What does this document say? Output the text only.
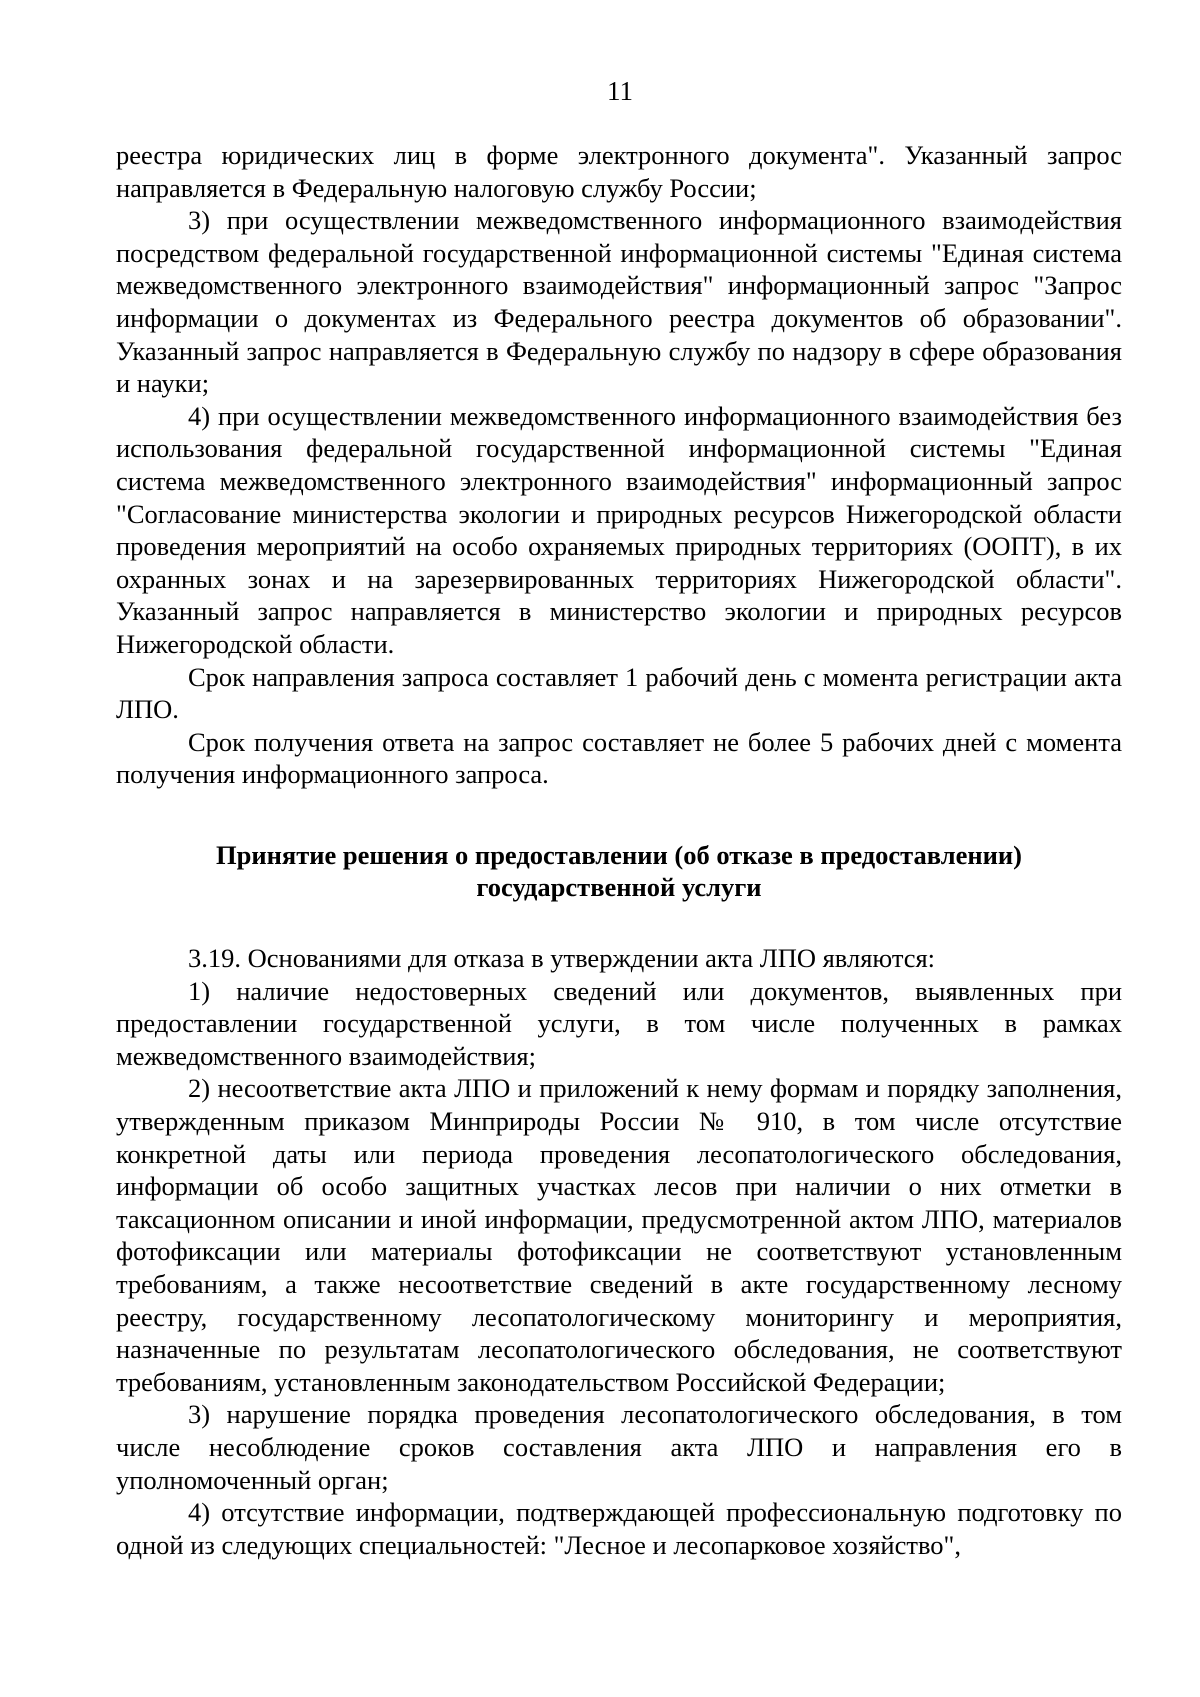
11

реестра юридических лиц в форме электронного документа". Указанный запрос направляется в Федеральную налоговую службу России;

3) при осуществлении межведомственного информационного взаимодействия посредством федеральной государственной информационной системы "Единая система межведомственного электронного взаимодействия" информационный запрос "Запрос информации о документах из Федерального реестра документов об образовании". Указанный запрос направляется в Федеральную службу по надзору в сфере образования и науки;

4) при осуществлении межведомственного информационного взаимодействия без использования федеральной государственной информационной системы "Единая система межведомственного электронного взаимодействия" информационный запрос "Согласование министерства экологии и природных ресурсов Нижегородской области проведения мероприятий на особо охраняемых природных территориях (ООПТ), в их охранных зонах и на зарезервированных территориях Нижегородской области". Указанный запрос направляется в министерство экологии и природных ресурсов Нижегородской области.

Срок направления запроса составляет 1 рабочий день с момента регистрации акта ЛПО.

Срок получения ответа на запрос составляет не более 5 рабочих дней с момента получения информационного запроса.

Принятие решения о предоставлении (об отказе в предоставлении)

государственной услуги

3.19. Основаниями для отказа в утверждении акта ЛПО являются:

1) наличие недостоверных сведений или документов, выявленных при предоставлении государственной услуги, в том числе полученных в рамках межведомственного взаимодействия;

2) несоответствие акта ЛПО и приложений к нему формам и порядку заполнения, утвержденным приказом Минприроды России № 910, в том числе отсутствие конкретной даты или периода проведения лесопатологического обследования, информации об особо защитных участках лесов при наличии о них отметки в таксационном описании и иной информации, предусмотренной актом ЛПО, материалов фотофиксации или материалы фотофиксации не соответствуют установленным требованиям, а также несоответствие сведений в акте государственному лесному реестру, государственному лесопатологическому мониторингу и мероприятия, назначенные по результатам лесопатологического обследования, не соответствуют требованиям, установленным законодательством Российской Федерации;

3) нарушение порядка проведения лесопатологического обследования, в том числе несоблюдение сроков составления акта ЛПО и направления его в уполномоченный орган;

4) отсутствие информации, подтверждающей профессиональную подготовку по одной из следующих специальностей: "Лесное и лесопарковое хозяйство",
